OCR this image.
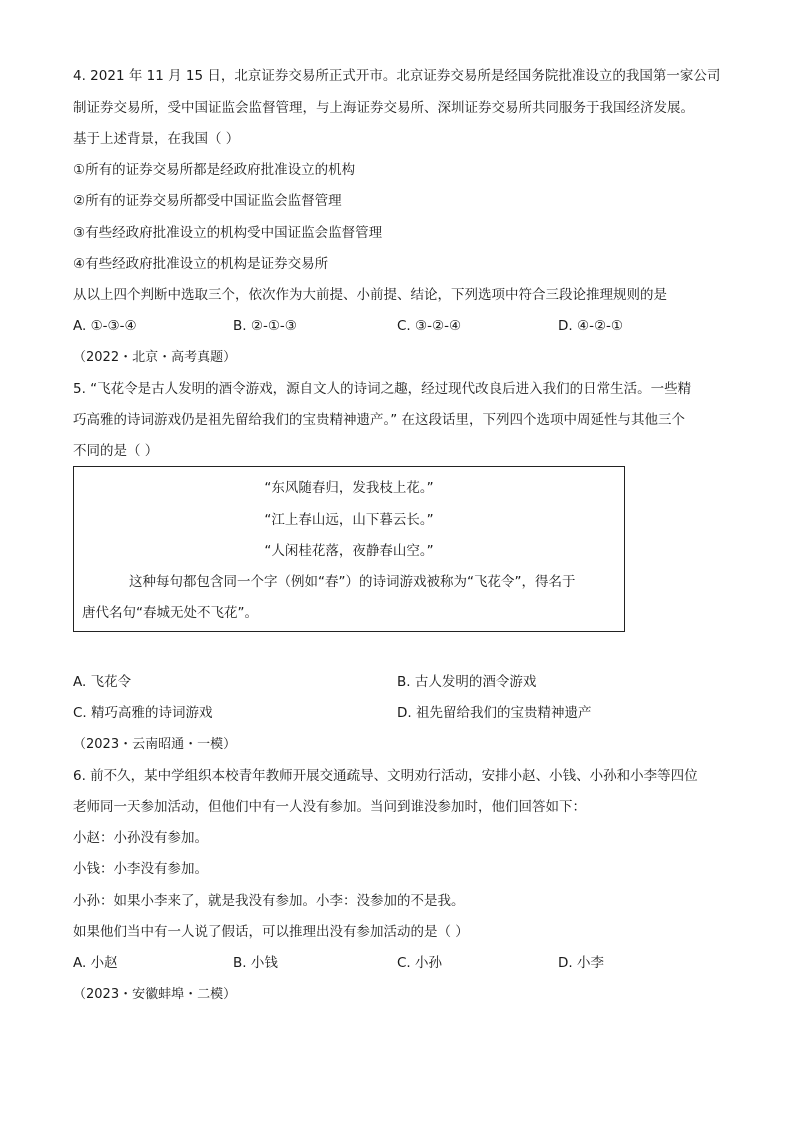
4. 2021 年 11 月 15 日，北京证券交易所正式开市。北京证券交易所是经国务院批准设立的我国第一家公司

制证券交易所，受中国证监会监督管理，与上海证券交易所、深圳证券交易所共同服务于我国经济发展。

基于上述背景，在我国（ ）

①所有的证券交易所都是经政府批准设立的机构

②所有的证券交易所都受中国证监会监督管理

③有些经政府批准设立的机构受中国证监会监督管理

④有些经政府批准设立的机构是证券交易所

从以上四个判断中选取三个，依次作为大前提、小前提、结论，下列选项中符合三段论推理规则的是

A. ①-③-④	B. ②-①-③	C. ③-②-④	D. ④-②-①

（2022・北京・高考真题）

5. “飞花令是古人发明的酒令游戏，源自文人的诗词之趣，经过现代改良后进入我们的日常生活。一些精

巧高雅的诗词游戏仍是祖先留给我们的宝贵精神遗产。” 在这段话里，下列四个选项中周延性与其他三个

不同的是（ ）

“东风随春归，发我枝上花。”
“江上春山远，山下暮云长。”
“人闲桂花落，夜静春山空。”
这种每句都包含同一个字（例如“春”）的诗词游戏被称为“飞花令”，得名于
唐代名句“春城无处不飞花”。

A. 飞花令	B. 古人发明的酒令游戏

C. 精巧高雅的诗词游戏	D. 祖先留给我们的宝贵精神遗产

（2023・云南昭通・一模）

6. 前不久，某中学组织本校青年教师开展交通疏导、文明劝行活动，安排小赵、小钱、小孙和小李等四位

老师同一天参加活动，但他们中有一人没有参加。当问到谁没参加时，他们回答如下：

小赵：小孙没有参加。

小钱：小李没有参加。

小孙：如果小李来了，就是我没有参加。小李：没参加的不是我。

如果他们当中有一人说了假话，可以推理出没有参加活动的是（ ）

A. 小赵	B. 小钱	C. 小孙	D. 小李

（2023・安徽蚌埠・二模）
